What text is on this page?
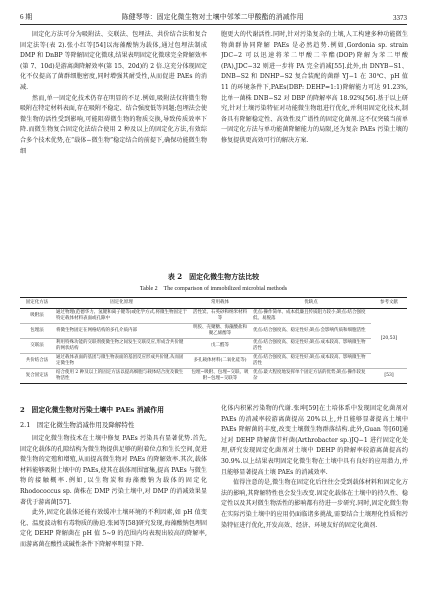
6 期	陈健琴等：固定化微生物对土壤中邻苯二甲酸酯的消减作用	3373

固定化方法可分为吸附法、交联法、包埋法、共价结合法和复合固定法等(表 2).张小红等[54]以海藻酸钠为载体,通过包埋法制成 DMP 和 DnBP 等降解固定化微球,结果表明固定化微球完全降解效率(第 7、10d)是游离菌降解效率(第 15、20d)的 2 倍.这充分体现固定化不仅提高了菌群细胞密度,同时增强其耐受性,从而促进 PAEs 的消减.

然而,单一固定化技术仍存在明显的不足.例如,吸附法仅将微生物吸附在特定材料表面,存在吸附不稳定、结合强度低等问题;包埋法会使微生物的活性受到影响,可能阻碍微生物的物质交换,导致传质效率下降.而微生物复合固定化法结合使用 2 种及以上的固定化方法,有效综合多个技术优势,在“载体−微生物”稳定结合的前提下,确保功能微生物细

胞更大的代谢活性.同时,针对污染复杂的土壤,人工构建多种功能微生物菌群协同降解 PAEs 是必然趋势.例如,Gordonia sp. strain JDC−2 可以迅速将苯二甲酸二辛酯(DOP)降解为苯二甲酸(PA),JDC−32 则进一步将 PA 完全消减[55].此外,由 DNYB−S1、DNB−S2 和 DNHP−S2 复合装配的菌群 YJ−1 在 30℃、pH 值 11 的环境条件下,PAEs(DBP: DEHP=1:1)降解能力可达 91.23%,比单一菌株 DNB−S2 对 DBP 的降解率高 18.92%[56].基于以上研究,针对土壤污染特征对功能微生物组进行优化,并利用固定化技术,制备具有降解稳定性、高效性及广谱性的固定化菌剂.这不仅突破当前单一固定化方法与单功能菌降解能力的局限,还为复杂 PAEs 污染土壤的修复提供更高效可行的解决方案.

表 2　固定化微生物方法比较
Table 2　The comparison of immobilized microbial methods
固定化方法	固定化原理	常用载体	优缺点	参考文献
吸附法	通过物理(范德华力、氢键和离子键等)或化学方式,将微生物固定于特定载体材料表面或孔隙中	活性炭、石英砂和纳米材料等	优点:操作简单、成本低廉且传质阻力较小;缺点:结合强度低、易脱落	[20,53]
包埋法	将微生物固定在网格结构的多孔介质内部	明胶、壳聚糖、海藻酸盐和聚乙烯醇等	优点:结合强度高、稳定性好;缺点:会影响传质和细胞活性	
交联法	利用特殊功能的交联剂使微生物之间发生交联反应,形成含共价键的网状结构	戊二醛等	优点:结合强度高、稳定性好;缺点:成本较高、影响微生物活性	
共价结合法	通过载体表面的基团与微生物表面的基团反应形成共价键,从而固定微生物	多孔载体材料(二氧化硅等)	优点:结合强度高、稳定性好;缺点:成本较高、影响微生物活性	
复合固定法	结合使用 2 种及以上的固定方法以提高细胞与载体结合度及微生物活性	包埋−吸附、包埋−交联、吸附−包埋−交联等	优点:最大程度地发挥单个固定方法的优势;缺点:操作较复杂	[53]
2　固定化微生物对污染土壤中 PAEs 消减作用
2.1　固定化微生物消减作用及降解特性

固定化微生物技术在土壤中修复 PAEs 污染具有显著优势.首先,固定化载体的孔隙结构为微生物提供足够的附着位点和生长空间,促进微生物的定殖和增殖,从而提高微生物对 PAEs 的降解效率.其次,载体材料能够吸附土壤中的 PAEs,使其在载体周围富集,提高 PAEs 与微生物的接触概率.例如,以生物炭和海藻酸钠为载体的固定化 Rhodococcus sp. 菌株在 DMP 污染土壤中,对 DMP 的消减效果显著优于游离菌[57].

此外,固定化载体还能有效缓冲土壤环境的不利因素,如 pH 值变化、温度波动和有毒物质的胁迫.张园等[58]研究发现,海藻酸钠包埋固定化 DEHP 降解菌在 pH 值 5~9 的范围内均表现出较高的降解率,而游离菌在酸性或碱性条件下降解率明显下降.

化体内积累污染物的代谢.张坤[59]在土培体系中发现固定化菌剂对 PAEs 的消减率较游离菌提高 20%以上,并且能够显著提高土壤中 PAEs 降解菌的丰度,改变土壤微生物群落结构.此外,Guan 等[60]通过对 DEHP 降解菌节杆菌(Arthrobacter sp.)JQ−1 进行固定化处理,研究发现固定化菌剂对土壤中 DEHP 的降解率较游离菌提高约 30.9%.以上结果表明固定化微生物在土壤中具有良好的应用潜力,并且能够显著提高土壤 PAEs 的消减效率.

值得注意的是,微生物在固定化后往往会受到载体材料和固定化方法的影响,其降解特性也会发生改变.固定化载体在土壤中的持久性、稳定性以及其对微生物活性的影响都有待进一步研究.同时,固定化微生物在实际污染土壤中的应用仍面临诸多挑战,需要结合土壤理化性质和污染特征进行优化,开发高效、经济、环境友好的固定化菌剂.
